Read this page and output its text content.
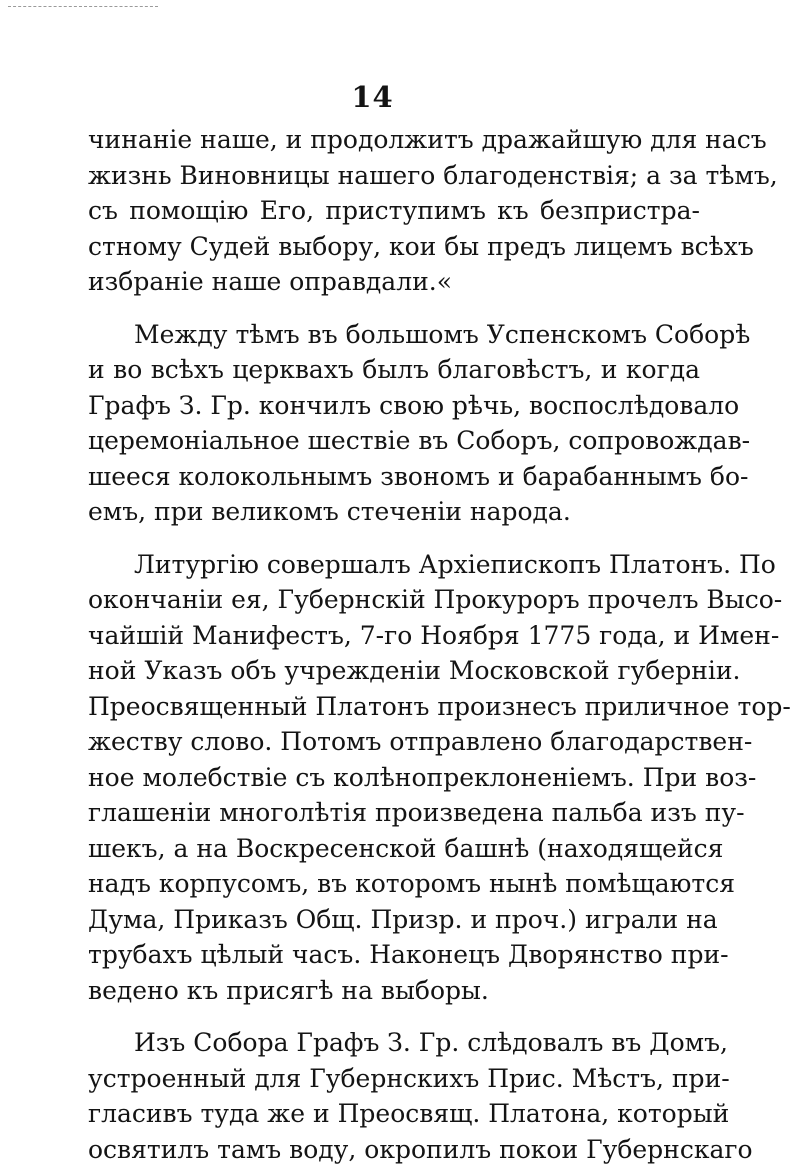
14

чинаніе наше, и продолжитъ дражайшую для насъ
жизнь Виновницы нашего благоденствія; а за тѣмъ,
съ помощію Его, приступимъ къ безпристра-
стному Судей выбору, кои бы предъ лицемъ всѣхъ
избраніе наше оправдали.«

Между тѣмъ въ большомъ Успенскомъ Соборѣ
и во всѣхъ церквахъ былъ благовѣстъ, и когда
Графъ З. Гр. кончилъ свою рѣчь, воспослѣдовало
церемоніальное шествіе въ Соборъ, сопровождав-
шееся колокольнымъ звономъ и барабаннымъ бо-
емъ, при великомъ стеченіи народа.

Литургію совершалъ Архіепископъ Платонъ. По
окончаніи ея, Губернскій Прокуроръ прочелъ Высо-
чайшій Манифестъ, 7-го Ноября 1775 года, и Имен-
ной Указъ объ учрежденіи Московской губерніи.
Преосвященный Платонъ произнесъ приличное тор-
жеству слово. Потомъ отправлено благодарствен-
ное молебствіе съ колѣнопреклоненіемъ. При воз-
глашеніи многолѣтія произведена пальба изъ пу-
шекъ, а на Воскресенской башнѣ (находящейся
надъ корпусомъ, въ которомъ нынѣ помѣщаются
Дума, Приказъ Общ. Призр. и проч.) играли на
трубахъ цѣлый часъ. Наконецъ Дворянство при-
ведено къ присягѣ на выборы.

Изъ Собора Графъ З. Гр. слѣдовалъ въ Домъ,
устроенный для Губернскихъ Прис. Мѣстъ, при-
гласивъ туда же и Преосвящ. Платона, который
освятилъ тамъ воду, окропилъ покои Губернскаго
